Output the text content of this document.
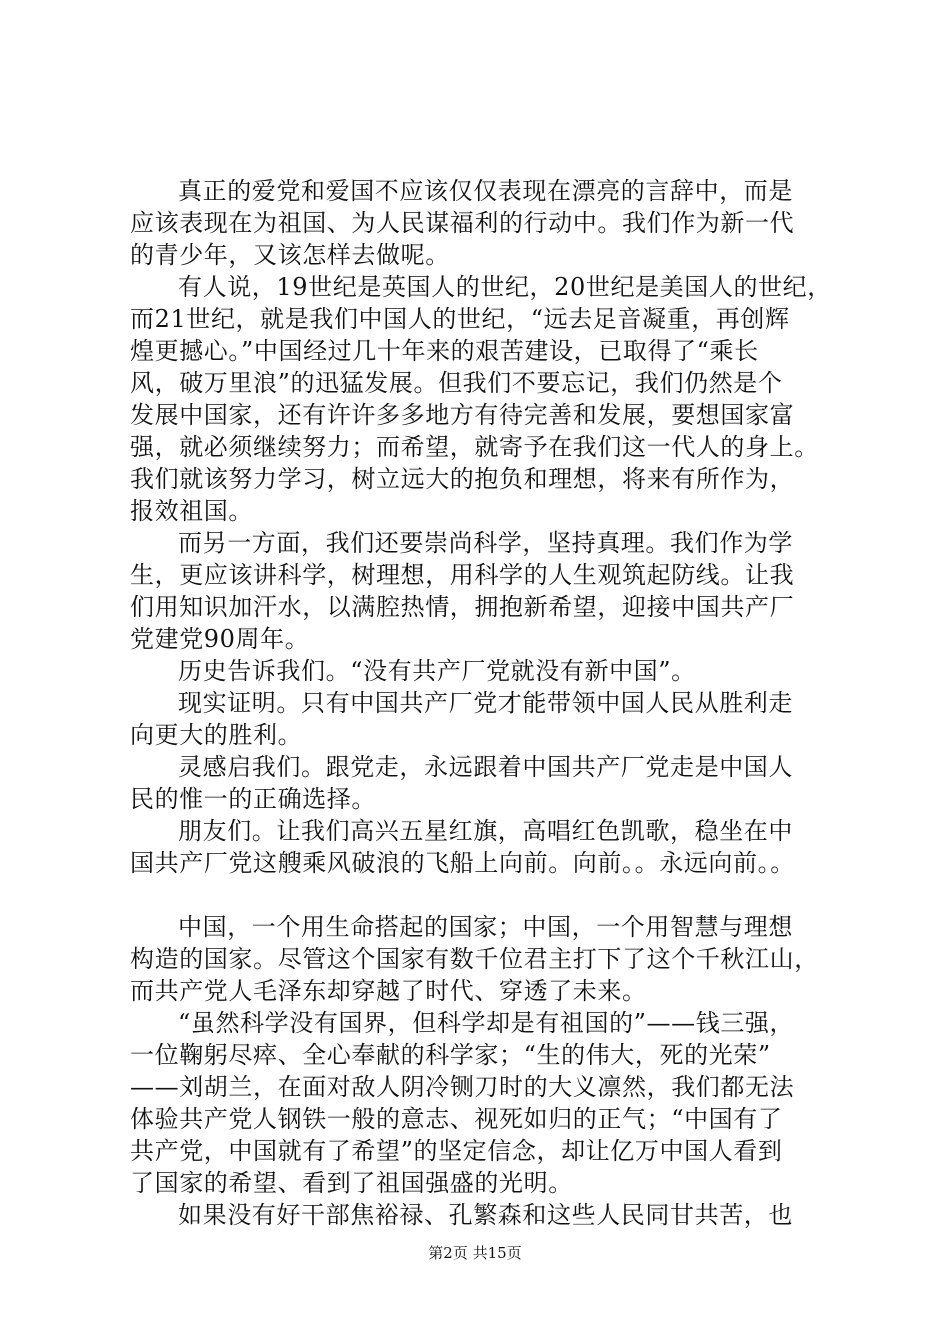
真正的爱党和爱国不应该仅仅表现在漂亮的言辞中，而是
应该表现在为祖国、为人民谋福利的行动中。我们作为新一代
的青少年，又该怎样去做呢。
有人说，19世纪是英国人的世纪，20世纪是美国人的世纪，
而21世纪，就是我们中国人的世纪，“远去足音凝重，再创辉
煌更撼心。”中国经过几十年来的艰苦建设，已取得了“乘长
风，破万里浪”的迅猛发展。但我们不要忘记，我们仍然是个
发展中国家，还有许许多多地方有待完善和发展，要想国家富
强，就必须继续努力；而希望，就寄予在我们这一代人的身上。
我们就该努力学习，树立远大的抱负和理想，将来有所作为，
报效祖国。
而另一方面，我们还要崇尚科学，坚持真理。我们作为学
生，更应该讲科学，树理想，用科学的人生观筑起防线。让我
们用知识加汗水，以满腔热情，拥抱新希望，迎接中国共产厂
党建党90周年。
历史告诉我们。“没有共产厂党就没有新中国”。
现实证明。只有中国共产厂党才能带领中国人民从胜利走
向更大的胜利。
灵感启我们。跟党走，永远跟着中国共产厂党走是中国人
民的惟一的正确选择。
朋友们。让我们高兴五星红旗，高唱红色凯歌，稳坐在中
国共产厂党这艘乘风破浪的飞船上向前。向前。。永远向前。。
中国，一个用生命搭起的国家；中国，一个用智慧与理想
构造的国家。尽管这个国家有数千位君主打下了这个千秋江山，
而共产党人毛泽东却穿越了时代、穿透了未来。
“虽然科学没有国界，但科学却是有祖国的”——钱三强，
一位鞠躬尽瘁、全心奉献的科学家；“生的伟大，死的光荣”
——刘胡兰，在面对敌人阴冷铡刀时的大义凛然，我们都无法
体验共产党人钢铁一般的意志、视死如归的正气；“中国有了
共产党，中国就有了希望”的坚定信念，却让亿万中国人看到
了国家的希望、看到了祖国强盛的光明。
如果没有好干部焦裕禄、孔繁森和这些人民同甘共苦，也
第2页 共15页
